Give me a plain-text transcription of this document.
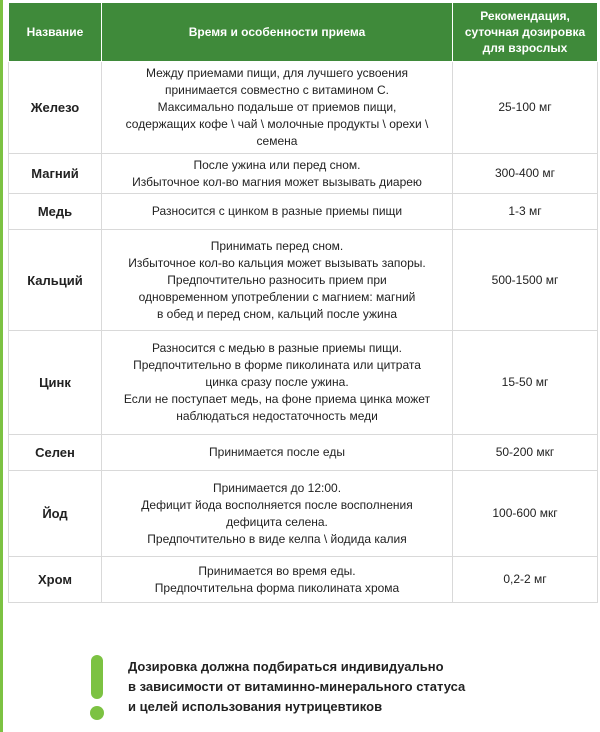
Название	Время и особенности приема	Рекомендация,
суточная дозировка
для взрослых
Железо	Между приемами пищи, для лучшего усвоения
принимается совместно с витамином С.
Максимально подальше от приемов пищи,
содержащих кофе \ чай \ молочные продукты \ орехи \
семена	25-100 мг
Магний	После ужина или перед сном.
Избыточное кол-во магния может вызывать диарею	300-400 мг
Медь	Разносится с цинком в разные приемы пищи	1-3 мг
Кальций	Принимать перед сном.
Избыточное кол-во кальция может вызывать запоры.
Предпочтительно разносить прием при
одновременном употреблении с магнием: магний
в обед и перед сном, кальций после ужина	500-1500 мг
Цинк	Разносится с медью в разные приемы пищи.
Предпочтительно в форме пиколината или цитрата
цинка сразу после ужина.
Если не поступает медь, на фоне приема цинка может
наблюдаться недостаточность меди	15-50 мг
Селен	Принимается после еды	50-200 мкг
Йод	Принимается до 12:00.
Дефицит йода восполняется после восполнения
дефицита селена.
Предпочтительно в виде келпа \ йодида калия	100-600 мкг
Хром	Принимается во время еды.
Предпочтительна форма пиколината хрома	0,2-2 мг
Дозировка должна подбираться индивидуально
в зависимости от витаминно-минерального статуса
и целей использования нутрицевтиков
